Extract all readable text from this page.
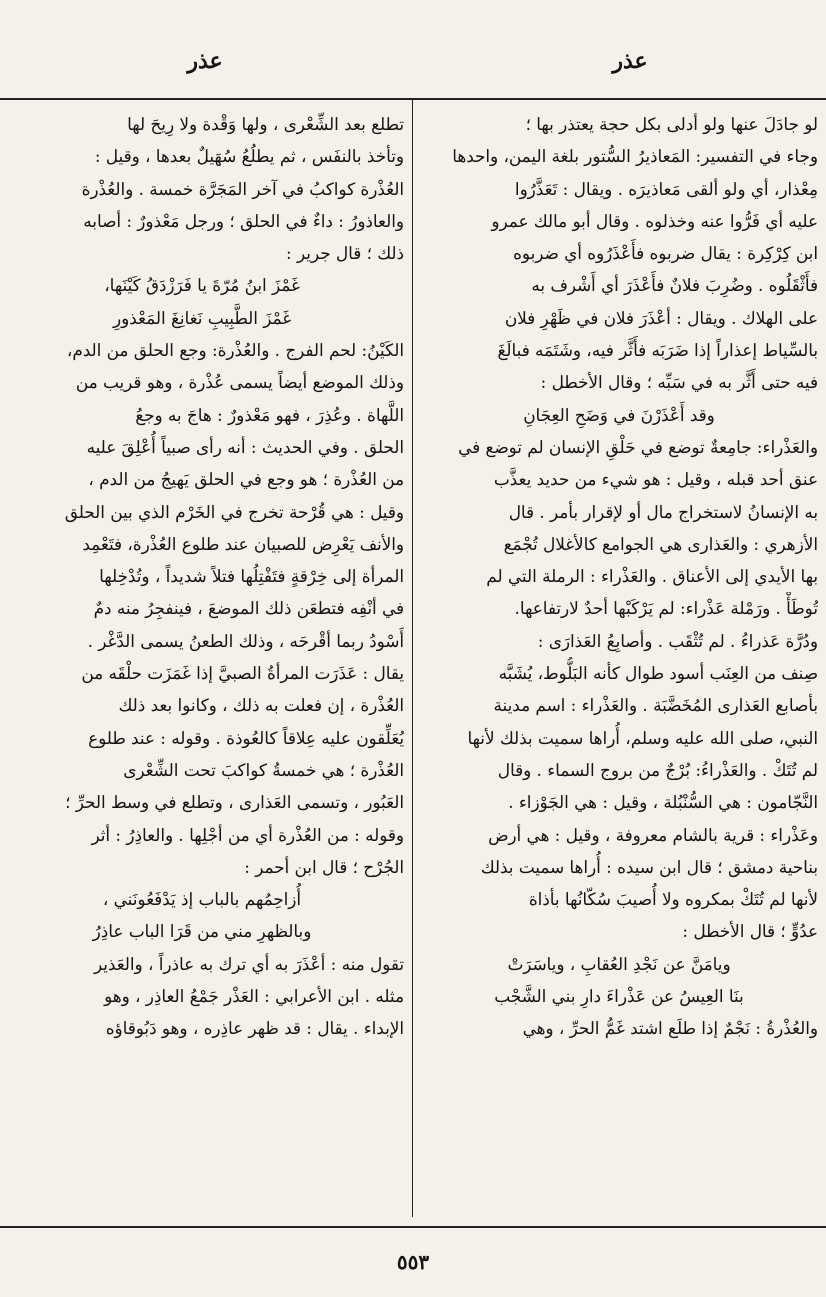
عذر
عذر
لو جادَلَ عنها ولو أدلى بكل حجة يعتذر بها ؛
وجاء في التفسير: المَعاذيرُ السُّتور بلغة اليمن، واحدها
مِعْذار، أي ولو ألقى مَعاذيرَه . ويقال : تَعَذَّرُوا
عليه أي فَرُّوا عنه وخذلوه . وقال أبو مالك عمرو
ابن كِرْكِرة : يقال ضربوه فأَعْذَرُوه أي ضربوه
فأَثْقَلُوه . وضُرِبَ فلانٌ فأَعْذَرَ أي أَشْرف به
على الهلاك . ويقال : أعْذَرَ فلان في ظَهْرِ فلان
بالسِّياط إعذاراً إذا ضَرَبَه فأَثَّر فيه، وشَتَمَه فبالَغَ
فيه حتى أَثَّر به في سَبِّه ؛ وقال الأخطل :
وقد أَعْذَرْنَ في وَضَحِ العِجَانِ
والعَذْراء: جامِعةٌ توضع في حَلْقِ الإنسان لم توضع في
عنق أحد قبله ، وقيل : هو شيء من حديد يعذَّب
به الإنسانُ لاستخراج مال أو لإقرار بأمر . قال
الأزهري : والعَذارى هي الجوامع كالأغلال تُجْمَع
بها الأيدي إلى الأعناق . والعَذْراء : الرملة التي لم
تُوطَأْ . ورَمْلة عَذْراء: لم يَرْكَبْها أحدٌ لارتفاعها.
ودُرَّة عَذراءُ . لم تُثْقَب . وأصابِعُ العَذارَى :
صِنف من العِنَب أسود طوال كأنه البَلُّوط، يُشَبَّه
بأصابع العَذارى المُخَضَّبَة . والعَذْراء : اسم مدينة
النبي، صلى الله عليه وسلم، أُراها سميت بذلك لأنها
لم تُتَكْ . والعَذْراءُ: بُرْجٌ من بروج السماء . وقال
النَّجّامون : هي السُّنْبُلة ، وقيل : هي الجَوْزاء .
وعَذْراء : قرية بالشام معروفة ، وقيل : هي أرض
بناحية دمشق ؛ قال ابن سيده : أُراها سميت بذلك
لأنها لم تُتَكْ بمكروه ولا أُصيبَ سُكّانُها بأذاة
عدُوٍّ ؛ قال الأخطل :
ويامَنَّ عن نَجْدِ العُقابِ ، وياسَرَتْ
بنَا العِيسُ عن عَذْراءَ دارِ بني الشَّجْب
والعُذْرةُ : نَجْمٌ إذا طلَع اشتد غَمُّ الحرِّ ، وهي
تطلع بعد الشِّعْرى ، ولها وَقْدة ولا رِيحَ لها
وتأخذ بالنفَس ، ثم يطلُعُ سُهَيلٌ بعدها ، وقيل :
العُذْرة كواكبُ في آخر المَجَرَّة خمسة . والعُذْرة
والعاذورُ : داءٌ في الحلق ؛ ورجل مَعْذورٌ : أصابه
ذلك ؛ قال جرير :
غَمْزَ ابنُ مُرّةَ يا فَرَزْدَقُ كَيْنَها،
غَمْزَ الطَّبِيبِ نَغانِغَ المَعْذورِ
الكَيْنُ: لحم الفرج . والعُذْرة: وجع الحلق من الدم،
وذلك الموضع أيضاً يسمى عُذْرة ، وهو قريب من
اللَّهاة . وعُذِرَ ، فهو مَعْذورٌ : هاجَ به وجعُ
الحلق . وفي الحديث : أنه رأى صبياً أُعْلِقَ عليه
من العُذْرة ؛ هو وجع في الحلق يَهيجُ من الدم ،
وقيل : هي قُرْحة تخرج في الخَرْم الذي بين الحلق
والأنف يَعْرِض للصبيان عند طلوع العُذْرة، فتَعْمِد
المرأة إلى خِرْقةٍ فتَفْتِلُها فتلاً شديداً ، وتُدْخِلها
في أنْفِه فتطعَن ذلك الموضعَ ، فينفجِرُ منه دمٌ
أَسْودُ ربما أقْرحَه ، وذلك الطعنُ يسمى الدَّغْر .
يقال : عَذَرَت المرأةُ الصبيَّ إذا غَمَزَت حلْقَه من
العُذْرة ، إن فعلت به ذلك ، وكانوا بعد ذلك
يُعَلِّقون عليه عِلاقاً كالعُوذة . وقوله : عند طلوع
العُذْرة ؛ هي خمسةُ كواكبَ تحت الشِّعْرى
العَبُور ، وتسمى العَذارى ، وتطلع في وسط الحرِّ ؛
وقوله : من العُذْرة أي من أجْلِها . والعاذِرُ : أثر
الجُرْح ؛ قال ابن أحمر :
أُزاحِمُهم بالباب إذ يَدْفَعُونَني ،
وبالظهرِ مني من قَرَا الباب عاذِرُ
تقول منه : أعْذَرَ به أي ترك به عاذراً ، والعَذير
مثله . ابن الأعرابي : العَذْر جَمْعُ العاذِر ، وهو
الإبداء . يقال : قد ظهر عاذِره ، وهو دَبُوقاؤه
٥٥٣
